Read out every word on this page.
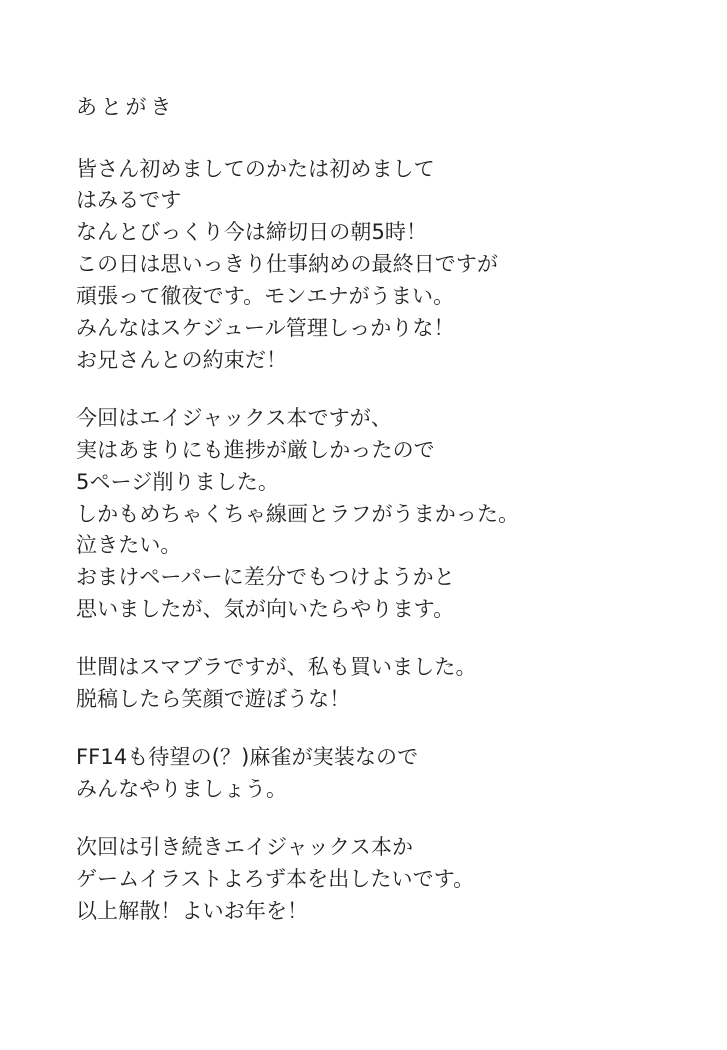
あとがき
皆さん初めましてのかたは初めまして
はみるです
なんとびっくり今は締切日の朝5時！
この日は思いっきり仕事納めの最終日ですが
頑張って徹夜です。モンエナがうまい。
みんなはスケジュール管理しっかりな！
お兄さんとの約束だ！
今回はエイジャックス本ですが、
実はあまりにも進捗が厳しかったので
5ページ削りました。
しかもめちゃくちゃ線画とラフがうまかった。
泣きたい。
おまけペーパーに差分でもつけようかと
思いましたが、気が向いたらやります。
世間はスマブラですが、私も買いました。
脱稿したら笑顔で遊ぼうな！
FF14も待望の(？)麻雀が実装なので
みんなやりましょう。
次回は引き続きエイジャックス本か
ゲームイラストよろず本を出したいです。
以上解散！よいお年を！
